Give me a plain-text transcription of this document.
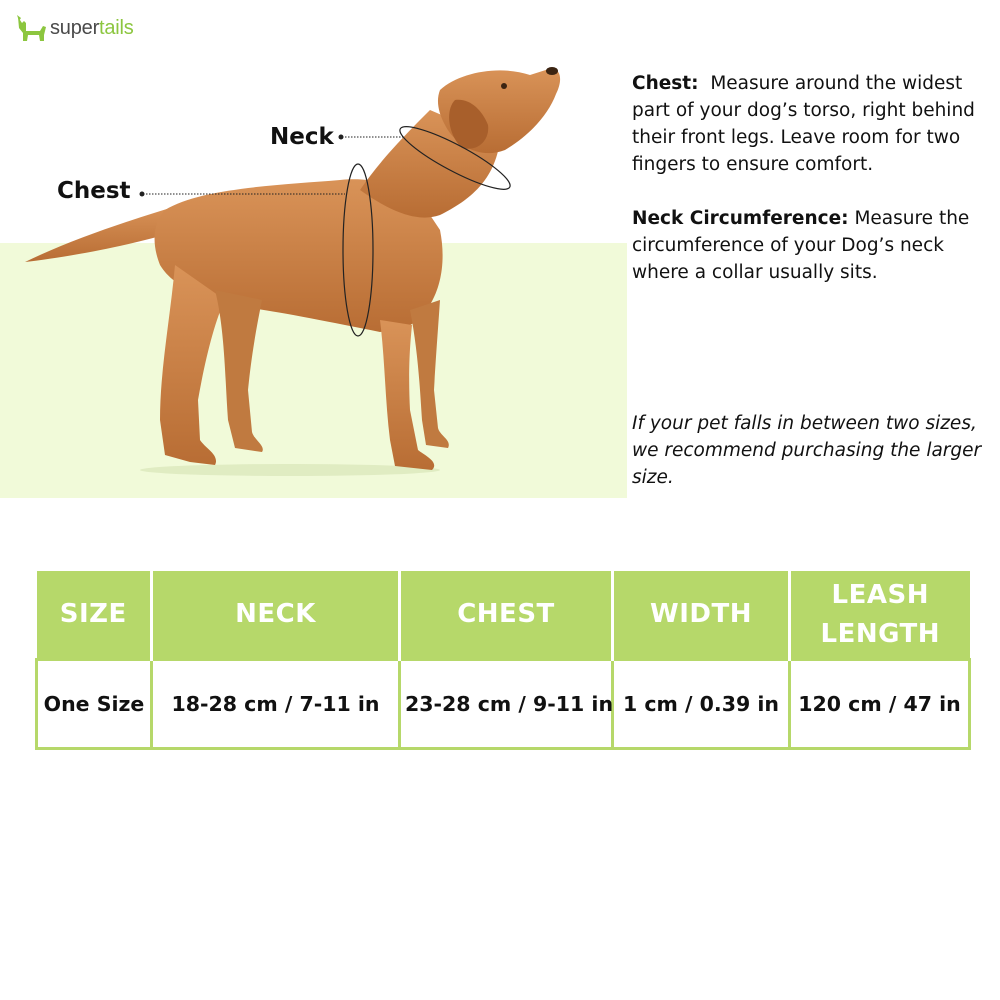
supertails
Neck
Chest
Chest: Measure around the widest part of your dog’s torso, right behind their front legs. Leave room for two fingers to ensure comfort.
Neck Circumference: Measure the circumference of your Dog’s neck where a collar usually sits.
If your pet falls in between two sizes, we recommend purchasing the larger size.
SIZE	NECK	CHEST	WIDTH	LEASH LENGTH
One Size	18-28 cm / 7-11 in	23-28 cm / 9-11 in	1 cm / 0.39 in	120 cm / 47 in
